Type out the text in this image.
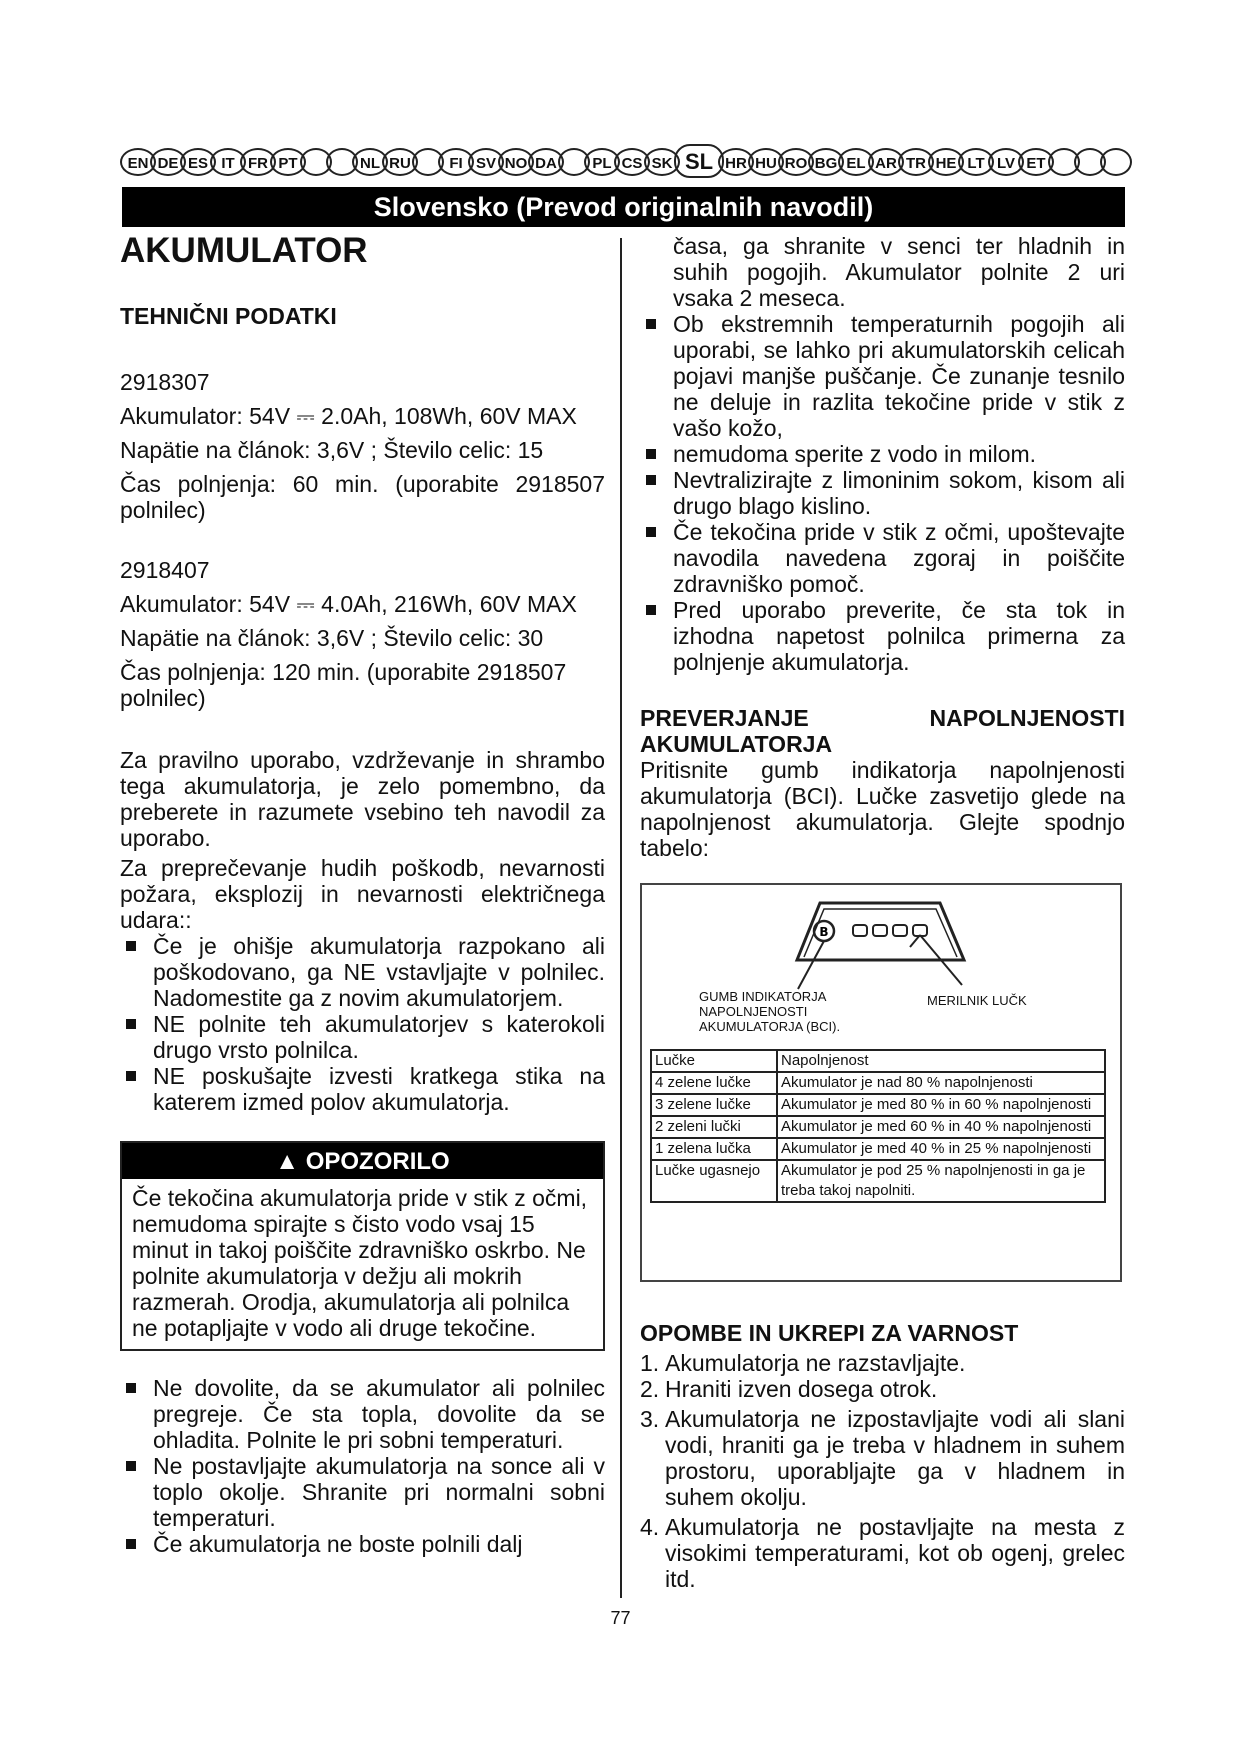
EN DE ES IT FR PT	NL RU	FI SV NO DA	PL CS SK SL HR HU RO BG EL AR TR HE LT LV ET
Slovensko (Prevod originalnih navodil)
AKUMULATOR
TEHNIČNI PODATKI

2918307

Akumulator: 54V ⎓ 2.0Ah, 108Wh, 60V MAX

Napätie na článok: 3,6V ; Število celic: 15

Čas polnjenja: 60 min. (uporabite 2918507 polnilec)

2918407

Akumulator: 54V ⎓ 4.0Ah, 216Wh, 60V MAX

Napätie na článok: 3,6V ; Število celic: 30

Čas polnjenja: 120 min. (uporabite 2918507 polnilec)

Za pravilno uporabo, vzdrževanje in shrambo tega akumulatorja, je zelo pomembno, da preberete in razumete vsebino teh navodil za uporabo.

Za preprečevanje hudih poškodb, nevarnosti požara, eksplozij in nevarnosti električnega udara::

Če je ohišje akumulatorja razpokano ali poškodovano, ga NE vstavljajte v polnilec. Nadomestite ga z novim akumulatorjem.
NE polnite teh akumulatorjev s katerokoli drugo vrsto polnilca.
NE poskušajte izvesti kratkega stika na katerem izmed polov akumulatorja.
▲ OPOZORILO
Če tekočina akumulatorja pride v stik z očmi, nemudoma spirajte s čisto vodo vsaj 15 minut in takoj poiščite zdravniško oskrbo. Ne polnite akumulatorja v dežju ali mokrih razmerah. Orodja, akumulatorja ali polnilca ne potapljajte v vodo ali druge tekočine.
Ne dovolite, da se akumulator ali polnilec pregreje. Če sta topla, dovolite da se ohladita. Polnite le pri sobni temperaturi.
Ne postavljajte akumulatorja na sonce ali v toplo okolje. Shranite pri normalni sobni temperaturi.
Če akumulatorja ne boste polnili dalj

časa, ga shranite v senci ter hladnih in suhih pogojih. Akumulator polnite 2 uri vsaka 2 meseca.

Ob ekstremnih temperaturnih pogojih ali uporabi, se lahko pri akumulatorskih celicah pojavi manjše puščanje. Če zunanje tesnilo ne deluje in razlita tekočine pride v stik z vašo kožo,
nemudoma sperite z vodo in milom.
Nevtralizirajte z limoninim sokom, kisom ali drugo blago kislino.
Če tekočina pride v stik z očmi, upoštevajte navodila navedena zgoraj in poiščite zdravniško pomoč.
Pred uporabo preverite, če sta tok in izhodna napetost polnilca primerna za polnjenje akumulatorja.
PREVERJANJE NAPOLNJENOSTI AKUMULATORJA

Pritisnite gumb indikatorja napolnjenosti akumulatorja (BCI). Lučke zasvetijo glede na napolnjenost akumulatorja. Glejte spodnjo tabelo:

B
GUMB INDIKATORJA NAPOLNJENOSTI AKUMULATORJA (BCI).
MERILNIK LUČK
Lučke	Napolnjenost
4 zelene lučke	Akumulator je nad 80 % napolnjenosti
3 zelene lučke	Akumulator je med 80 % in 60 % napolnjenosti
2 zeleni lučki	Akumulator je med 60 % in 40 % napolnjenosti
1 zelena lučka	Akumulator je med 40 % in 25 % napolnjenosti
Lučke ugasnejo	Akumulator je pod 25 % napolnjenosti in ga je treba takoj napolniti.
OPOMBE IN UKREPI ZA VARNOST
1. Akumulatorja ne razstavljajte.
2. Hraniti izven dosega otrok.
3. Akumulatorja ne izpostavljajte vodi ali slani vodi, hraniti ga je treba v hladnem in suhem prostoru, uporabljajte ga v hladnem in suhem okolju.
4. Akumulatorja ne postavljajte na mesta z visokimi temperaturami, kot ob ogenj, grelec itd.
77
